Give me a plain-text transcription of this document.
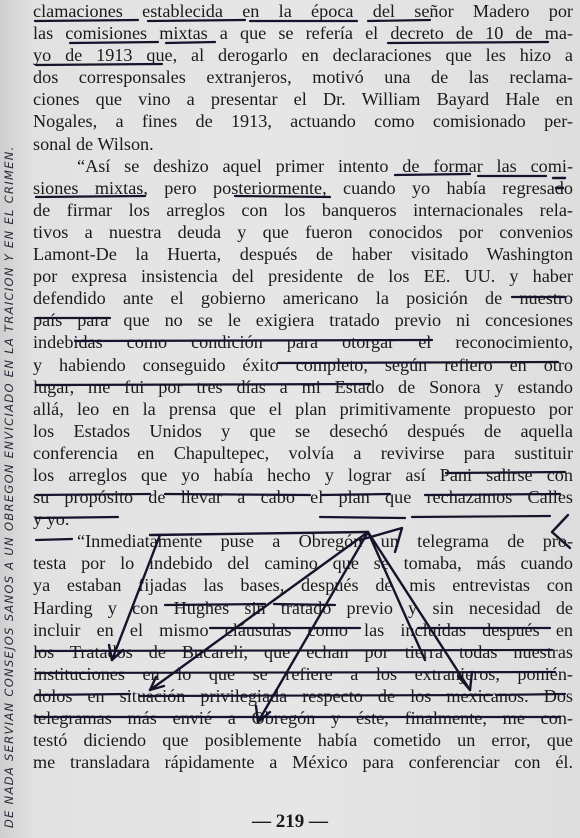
DE NADA SERVIAN CONSEJOS SANOS A UN OBREGON ENVICIADO EN LA TRAICION Y EN EL CRIMEN.
clamaciones establecida en la época del señor Madero por
las comisiones mixtas a que se refería el decreto de 10 de ma-
yo de 1913 que, al derogarlo en declaraciones que les hizo a
dos corresponsales extranjeros, motivó una de las reclama-
ciones que vino a presentar el Dr. William Bayard Hale en
Nogales, a fines de 1913, actuando como comisionado per-
sonal de Wilson.
“Así se deshizo aquel primer intento de formar las comi-
siones mixtas, pero posteriormente, cuando yo había regresado
de firmar los arreglos con los banqueros internacionales rela-
tivos a nuestra deuda y que fueron conocidos por convenios
Lamont-De la Huerta, después de haber visitado Washington
por expresa insistencia del presidente de los EE. UU. y haber
defendido ante el gobierno americano la posición de nuestro
país para que no se le exigiera tratado previo ni concesiones
indebidas como condición para otorgar el reconocimiento,
y habiendo conseguido éxito completo, según refiero en otro
lugar, me fui por tres días a mi Estado de Sonora y estando
allá, leo en la prensa que el plan primitivamente propuesto por
los Estados Unidos y que se desechó después de aquella
conferencia en Chapultepec, volvía a revivirse para sustituir
los arreglos que yo había hecho y lograr así Pani salirse con
su propósito de llevar a cabo el plan que rechazamos Calles
y yo.
“Inmediatamente puse a Obregón un telegrama de pro-
testa por lo indebido del camino que se tomaba, más cuando
ya estaban fijadas las bases, después de mis entrevistas con
Harding y con Hughes sin tratado previo y sin necesidad de
incluir en el mismo cláusulas como las incluidas después en
los Tratados de Bucareli, que echan por tierra todas nuestras
instituciones en lo que se refiere a los extranjeros, ponién-
dolos en situación privilegiada respecto de los mexicanos. Dos
telegramas más envié a Obregón y éste, finalmente, me con-
testó diciendo que posiblemente había cometido un error, que
me transladara rápidamente a México para conferenciar con él.
— 219 —
